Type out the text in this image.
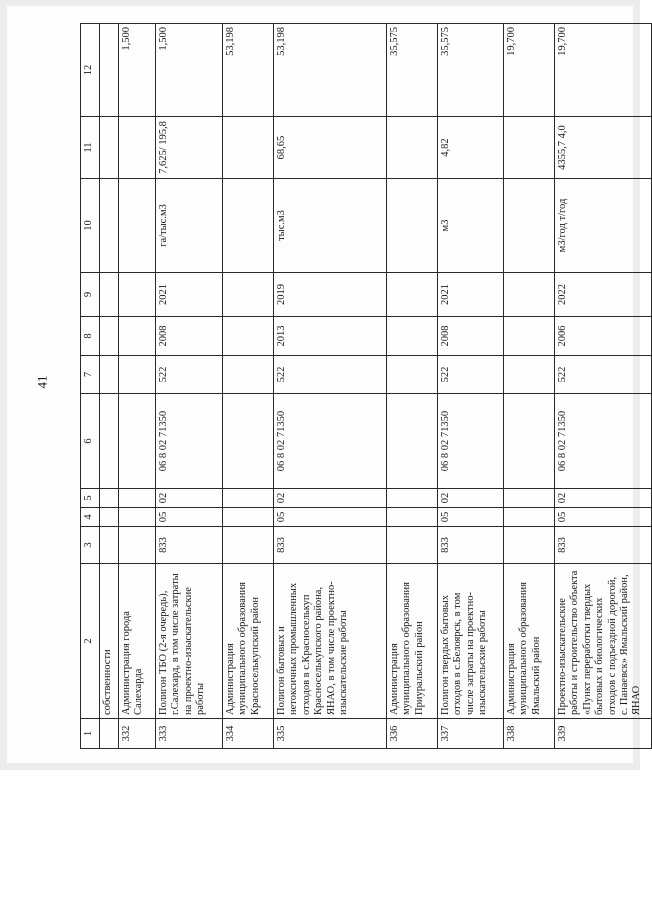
41
1	2	3	4	5	6	7	8	9	10	11	12
	собственности										
332	Администрация города Салехарда										1,500
333	Полигон ТБО (2-я очередь), г.Салехард, в том числе затраты на проектно-изыскательские работы	833	05	02	06 8 02 71350	522	2008	2021	га/тыс.м3	7,625/ 195,8	1,500
334	Администрация муниципального образования Красноселькупский район										53,198
335	Полигон бытовых и нетоксичных промышленных отходов в с.Красноселькуп Красноселькупского района, ЯНАО, в том числе проектно-изыскательские работы	833	05	02	06 8 02 71350	522	2013	2019	тыс.м3	68,65	53,198
336	Администрация муниципального образования Приуральский район										35,575
337	Полигон твердых бытовых отходов в с.Белоярск, в том числе затраты на проектно-изыскательские работы	833	05	02	06 8 02 71350	522	2008	2021	м3	4,82	35,575
338	Администрация муниципального образования Ямальский район										19,700
339	Проектно-изыскательские работы и строительство объекта «Пункт переработки твердых бытовых и биологических отходов с подъездной дорогой, с. Панаевск» Ямальский район, ЯНАО	833	05	02	06 8 02 71350	522	2006	2022	м3/год т/год	4355,7 4,0	19,700
